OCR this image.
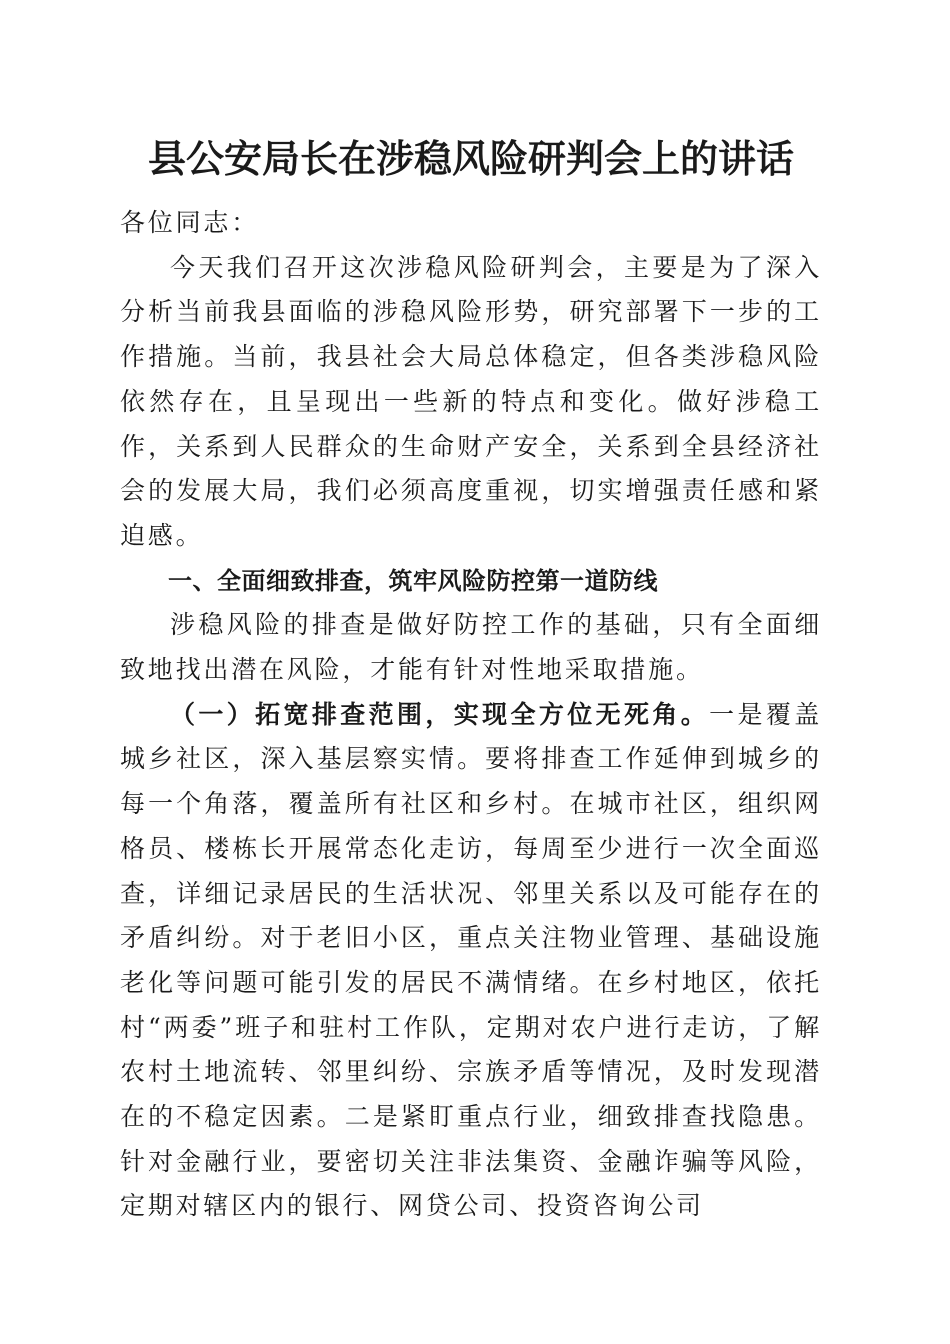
县公安局长在涉稳风险研判会上的讲话

各位同志：

今天我们召开这次涉稳风险研判会，主要是为了深入分析当前我县面临的涉稳风险形势，研究部署下一步的工作措施。当前，我县社会大局总体稳定，但各类涉稳风险依然存在，且呈现出一些新的特点和变化。做好涉稳工作，关系到人民群众的生命财产安全，关系到全县经济社会的发展大局，我们必须高度重视，切实增强责任感和紧迫感。

一、全面细致排查，筑牢风险防控第一道防线

涉稳风险的排查是做好防控工作的基础，只有全面细致地找出潜在风险，才能有针对性地采取措施。

（一）拓宽排查范围，实现全方位无死角。一是覆盖城乡社区，深入基层察实情。要将排查工作延伸到城乡的每一个角落，覆盖所有社区和乡村。在城市社区，组织网格员、楼栋长开展常态化走访，每周至少进行一次全面巡查，详细记录居民的生活状况、邻里关系以及可能存在的矛盾纠纷。对于老旧小区，重点关注物业管理、基础设施老化等问题可能引发的居民不满情绪。在乡村地区，依托村“两委”班子和驻村工作队，定期对农户进行走访，了解农村土地流转、邻里纠纷、宗族矛盾等情况，及时发现潜在的不稳定因素。二是紧盯重点行业，细致排查找隐患。针对金融行业，要密切关注非法集资、金融诈骗等风险，定期对辖区内的银行、网贷公司、投资咨询公司
